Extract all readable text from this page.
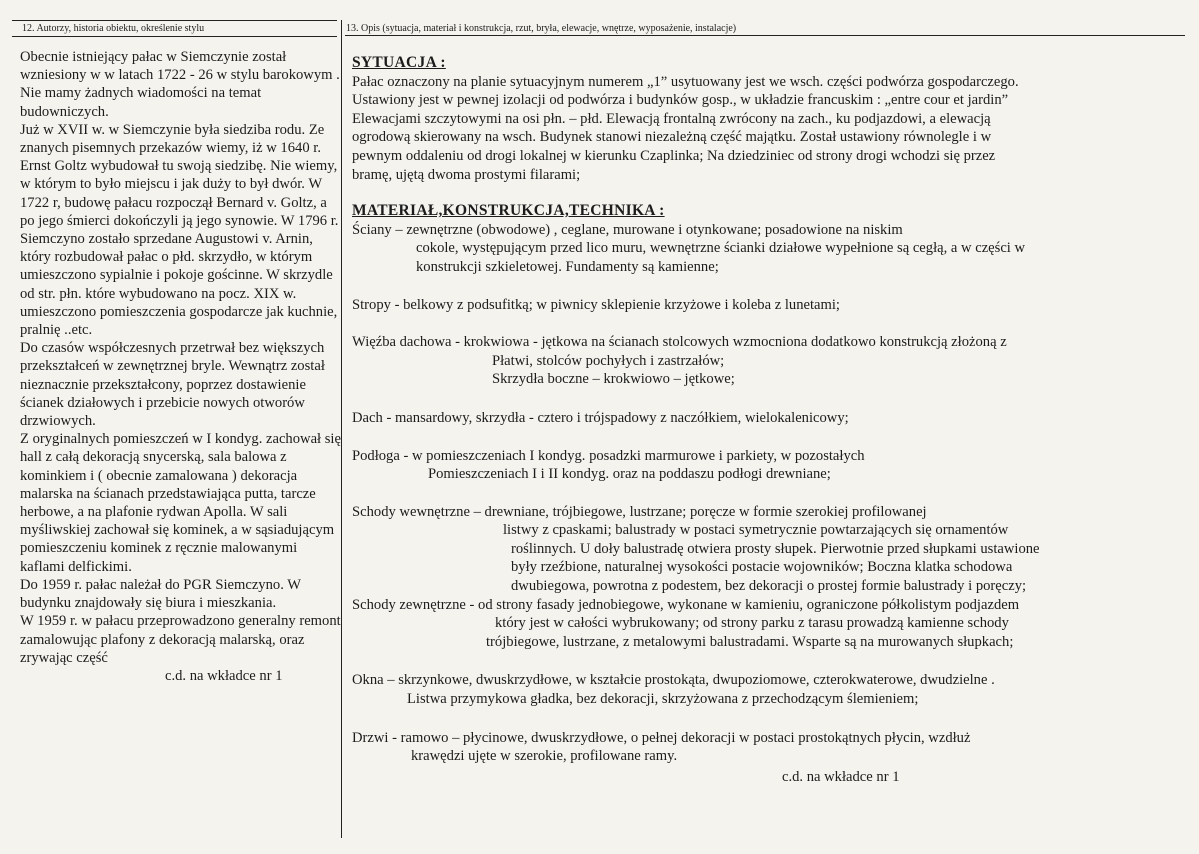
12. Autorzy, historia obiektu, określenie stylu	13. Opis (sytuacja, materiał i konstrukcja, rzut, bryła, elewacje, wnętrze, wyposażenie, instalacje)
Obecnie istniejący pałac w Siemczynie został wzniesiony w w latach 1722 - 26 w stylu barokowym . Nie mamy żadnych wiadomości na temat budowniczych.
Już w XVII w. w Siemczynie była siedziba rodu. Ze znanych pisemnych przekazów wiemy, iż w 1640 r. Ernst Goltz wybudował tu swoją siedzibę. Nie wiemy, w którym to było miejscu i jak duży to był dwór. W 1722 r, budowę pałacu rozpoczął Bernard v. Goltz, a po jego śmierci dokończyli ją jego synowie. W 1796 r. Siemczyno zostało sprzedane Augustowi v. Arnin, który rozbudował pałac o płd. skrzydło, w którym umieszczono sypialnie i pokoje gościnne. W skrzydle od str. płn. które wybudowano na pocz. XIX w. umieszczono pomieszczenia gospodarcze jak kuchnie, pralnię ..etc.
Do czasów współczesnych przetrwał bez większych przekształceń w zewnętrznej bryle. Wewnątrz został nieznacznie przekształcony, poprzez dostawienie ścianek działowych i przebicie nowych otworów drzwiowych.
Z oryginalnych pomieszczeń w I kondyg. zachował się hall z całą dekoracją snycerską, sala balowa z kominkiem i ( obecnie zamalowana ) dekoracja malarska na ścianach przedstawiająca putta, tarcze herbowe, a na plafonie rydwan Apolla. W sali myśliwskiej zachował się kominek, a w sąsiadującym pomieszczeniu kominek z ręcznie malowanymi kaflami delfickimi.
Do 1959 r. pałac należał do PGR Siemczyno. W budynku znajdowały się biura i mieszkania.
W 1959 r. w pałacu przeprowadzono generalny remont zamalowując plafony z dekoracją malarską, oraz zrywając część
c.d. na wkładce nr 1
SYTUACJA :
Pałac oznaczony na planie sytuacyjnym numerem „1” usytuowany jest we wsch. części podwórza gospodarczego.
Ustawiony jest w pewnej izolacji od podwórza i budynków gosp., w układzie francuskim : „entre cour et jardin”
Elewacjami szczytowymi na osi płn. – płd. Elewacją frontalną zwrócony na zach., ku podjazdowi, a elewacją
ogrodową skierowany na wsch. Budynek stanowi niezależną część majątku. Został ustawiony równolegle i w
pewnym oddaleniu od drogi lokalnej w kierunku Czaplinka; Na dziedziniec od strony drogi wchodzi się przez
bramę, ujętą dwoma prostymi filarami;
MATERIAŁ,KONSTRUKCJA,TECHNIKA :
Ściany – zewnętrzne (obwodowe) , ceglane, murowane i otynkowane; posadowione na niskim
cokole, występującym przed lico muru, wewnętrzne ścianki działowe wypełnione są cegłą, a w części w
konstrukcji szkieletowej. Fundamenty są kamienne;
Stropy - belkowy z podsufitką; w piwnicy sklepienie krzyżowe i koleba z lunetami;
Więźba dachowa - krokwiowa - jętkowa na ścianach stolcowych wzmocniona dodatkowo konstrukcją złożoną z
Płatwi, stolców pochyłych i zastrzałów;
Skrzydła boczne – krokwiowo – jętkowe;
Dach - mansardowy, skrzydła - cztero i trójspadowy z naczółkiem, wielokalenicowy;
Podłoga - w pomieszczeniach I kondyg. posadzki marmurowe i parkiety, w pozostałych
Pomieszczeniach I i II kondyg. oraz na poddaszu podłogi drewniane;
Schody wewnętrzne – drewniane, trójbiegowe, lustrzane; poręcze w formie szerokiej profilowanej
listwy z cpaskami; balustrady w postaci symetrycznie powtarzających się ornamentów
roślinnych. U dołу balustradę otwiera prosty słupek. Pierwotnie przed słupkami ustawione
były rzeźbione, naturalnej wysokości postacie wojowników; Boczna klatka schodowa
dwubiegowa, powrotna z podestem, bez dekoracji o prostej formie balustrady i poręczy;
Schody zewnętrzne - od strony fasady jednobiegowe, wykonane w kamieniu, ograniczone półkolistym podjazdem
który jest w całości wybrukowany; od strony parku z tarasu prowadzą kamienne schody
trójbiegowe, lustrzane, z metalowymi balustradami. Wsparte są na murowanych słupkach;
Okna – skrzynkowe, dwuskrzydłowe, w kształcie prostokąta, dwupoziomowe, czterokwaterowe, dwudzielne .
Listwa przymykowa gładka, bez dekoracji, skrzyżowana z przechodzącym ślemieniem;
Drzwi - ramowo – płycinowe, dwuskrzydłowe, o pełnej dekoracji w postaci prostokątnych płycin, wzdłuż
krawędzi ujęte w szerokie, profilowane ramy.
c.d. na wkładce nr 1
